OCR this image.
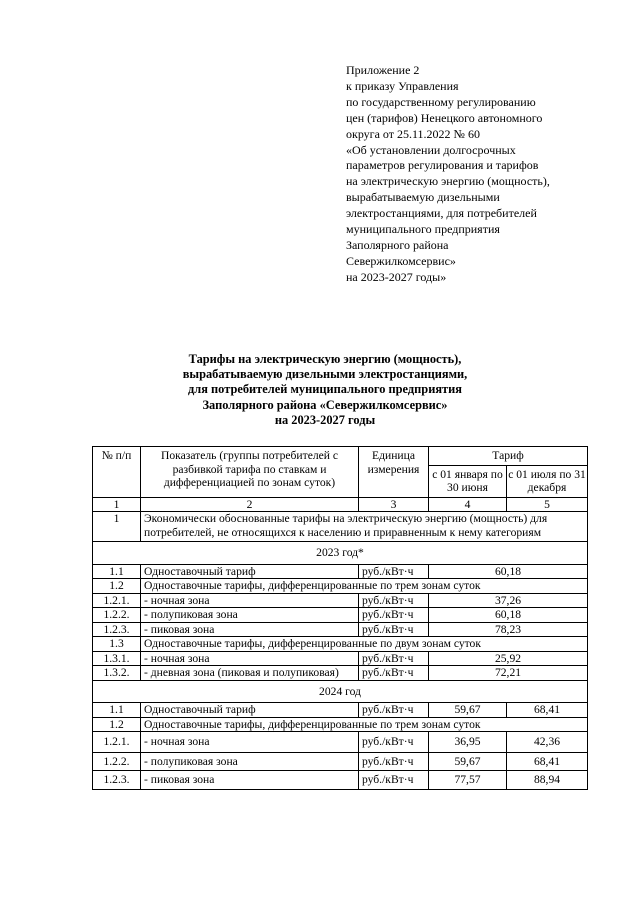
Приложение 2
к приказу Управления
по государственному регулированию
цен (тарифов) Ненецкого автономного
округа от 25.11.2022 № 60
«Об установлении долгосрочных
параметров регулирования и тарифов
на электрическую энергию (мощность),
вырабатываемую дизельными
электростанциями, для потребителей
муниципального предприятия
Заполярного района
Севержилкомсервис»
на 2023-2027 годы»
Тарифы на электрическую энергию (мощность),
вырабатываемую дизельными электростанциями,
для потребителей муниципального предприятия
Заполярного района «Севержилкомсервис»
на 2023-2027 годы
№ п/п	Показатель (группы потребителей с разбивкой тарифа по ставкам и дифференциацией по зонам суток)	Единица измерения	Тариф	
			с 01 января по 30 июня	с 01 июля по 31 декабря
1	2	3	4	5
1	Экономически обоснованные тарифы на электрическую энергию (мощность) для потребителей, не относящихся к населению и приравненным к нему категориям			
2023 год*				
1.1	Одноставочный тариф	руб./кВт·ч	60,18	
1.2	Одноставочные тарифы, дифференцированные по трем зонам суток			
1.2.1.	- ночная зона	руб./кВт·ч	37,26	
1.2.2.	- полупиковая зона	руб./кВт·ч	60,18	
1.2.3.	- пиковая зона	руб./кВт·ч	78,23	
1.3	Одноставочные тарифы, дифференцированные по двум зонам суток			
1.3.1.	- ночная зона	руб./кВт·ч	25,92	
1.3.2.	- дневная зона (пиковая и полупиковая)	руб./кВт·ч	72,21	
2024 год				
1.1	Одноставочный тариф	руб./кВт·ч	59,67	68,41
1.2	Одноставочные тарифы, дифференцированные по трем зонам суток			
1.2.1.	- ночная зона	руб./кВт·ч	36,95	42,36
1.2.2.	- полупиковая зона	руб./кВт·ч	59,67	68,41
1.2.3.	- пиковая зона	руб./кВт·ч	77,57	88,94
